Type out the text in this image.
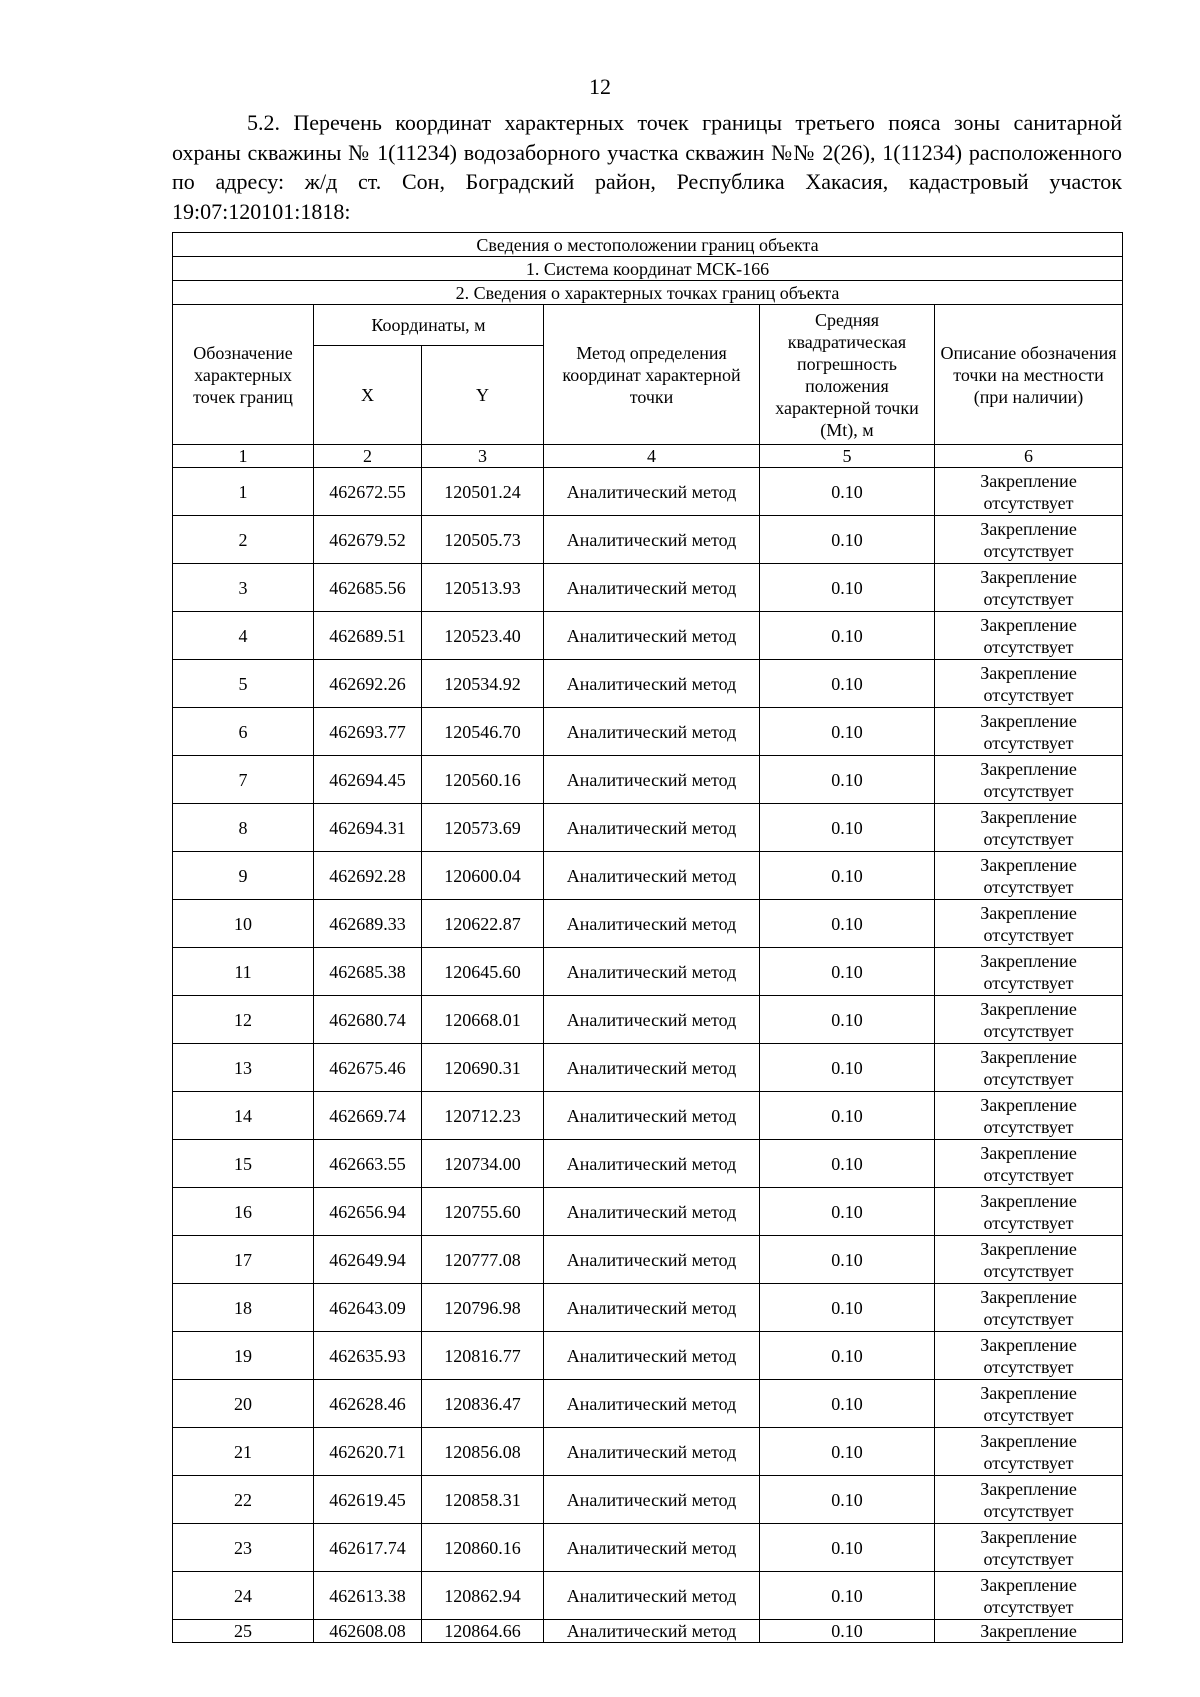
12
5.2. Перечень координат характерных точек границы третьего пояса зоны санитарной охраны скважины № 1(11234) водозаборного участка скважин №№ 2(26), 1(11234) расположенного по адресу: ж/д ст. Сон, Боградский район, Республика Хакасия, кадастровый участок 19:07:120101:1818:
Сведения о местоположении границ объекта					
1. Система координат МСК-166					
2. Сведения о характерных точках границ объекта					
Обозначение характерных точек границ	Координаты, м		Метод определения координат характерной точки	Средняя квадратическая погрешность положения характерной точки (Mt), м	Описание обозначения точки на местности (при наличии)
	X	Y			
1	2	3	4	5	6
1	462672.55	120501.24	Аналитический метод	0.10	Закрепление отсутствует
2	462679.52	120505.73	Аналитический метод	0.10	Закрепление отсутствует
3	462685.56	120513.93	Аналитический метод	0.10	Закрепление отсутствует
4	462689.51	120523.40	Аналитический метод	0.10	Закрепление отсутствует
5	462692.26	120534.92	Аналитический метод	0.10	Закрепление отсутствует
6	462693.77	120546.70	Аналитический метод	0.10	Закрепление отсутствует
7	462694.45	120560.16	Аналитический метод	0.10	Закрепление отсутствует
8	462694.31	120573.69	Аналитический метод	0.10	Закрепление отсутствует
9	462692.28	120600.04	Аналитический метод	0.10	Закрепление отсутствует
10	462689.33	120622.87	Аналитический метод	0.10	Закрепление отсутствует
11	462685.38	120645.60	Аналитический метод	0.10	Закрепление отсутствует
12	462680.74	120668.01	Аналитический метод	0.10	Закрепление отсутствует
13	462675.46	120690.31	Аналитический метод	0.10	Закрепление отсутствует
14	462669.74	120712.23	Аналитический метод	0.10	Закрепление отсутствует
15	462663.55	120734.00	Аналитический метод	0.10	Закрепление отсутствует
16	462656.94	120755.60	Аналитический метод	0.10	Закрепление отсутствует
17	462649.94	120777.08	Аналитический метод	0.10	Закрепление отсутствует
18	462643.09	120796.98	Аналитический метод	0.10	Закрепление отсутствует
19	462635.93	120816.77	Аналитический метод	0.10	Закрепление отсутствует
20	462628.46	120836.47	Аналитический метод	0.10	Закрепление отсутствует
21	462620.71	120856.08	Аналитический метод	0.10	Закрепление отсутствует
22	462619.45	120858.31	Аналитический метод	0.10	Закрепление отсутствует
23	462617.74	120860.16	Аналитический метод	0.10	Закрепление отсутствует
24	462613.38	120862.94	Аналитический метод	0.10	Закрепление отсутствует
25	462608.08	120864.66	Аналитический метод	0.10	Закрепление
